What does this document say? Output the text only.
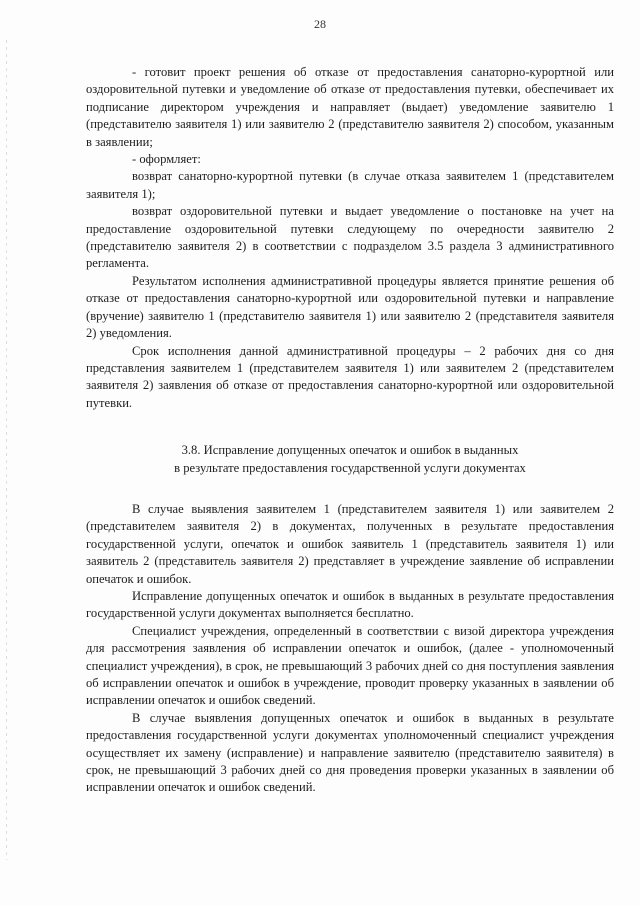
28

- готовит проект решения об отказе от предоставления санаторно-курортной или оздоровительной путевки и уведомление об отказе от предоставления путевки, обеспечивает их подписание директором учреждения и направляет (выдает) уведомление заявителю 1 (представителю заявителя 1) или заявителю 2 (представителю заявителя 2) способом, указанным в заявлении;

- оформляет:

возврат санаторно-курортной путевки (в случае отказа заявителем 1 (представителем заявителя 1);

возврат оздоровительной путевки и выдает уведомление о постановке на учет на предоставление оздоровительной путевки следующему по очередности заявителю 2 (представителю заявителя 2) в соответствии с подразделом 3.5 раздела 3 административного регламента.

Результатом исполнения административной процедуры является принятие решения об отказе от предоставления санаторно-курортной или оздоровительной путевки и направление (вручение) заявителю 1 (представителю заявителя 1) или заявителю 2 (представителя заявителя 2) уведомления.

Срок исполнения данной административной процедуры – 2 рабочих дня со дня представления заявителем 1 (представителем заявителя 1) или заявителем 2 (представителем заявителя 2) заявления об отказе от предоставления санаторно-курортной или оздоровительной путевки.

3.8. Исправление допущенных опечаток и ошибок в выданных
в результате предоставления государственной услуги документах

В случае выявления заявителем 1 (представителем заявителя 1) или заявителем 2 (представителем заявителя 2) в документах, полученных в результате предоставления государственной услуги, опечаток и ошибок заявитель 1 (представитель заявителя 1) или заявитель 2 (представитель заявителя 2) представляет в учреждение заявление об исправлении опечаток и ошибок.

Исправление допущенных опечаток и ошибок в выданных в результате предоставления государственной услуги документах выполняется бесплатно.

Специалист учреждения, определенный в соответствии с визой директора учреждения для рассмотрения заявления об исправлении опечаток и ошибок, (далее - уполномоченный специалист учреждения), в срок, не превышающий 3 рабочих дней со дня поступления заявления об исправлении опечаток и ошибок в учреждение, проводит проверку указанных в заявлении об исправлении опечаток и ошибок сведений.

В случае выявления допущенных опечаток и ошибок в выданных в результате предоставления государственной услуги документах уполномоченный специалист учреждения осуществляет их замену (исправление) и направление заявителю (представителю заявителя) в срок, не превышающий 3 рабочих дней со дня проведения проверки указанных в заявлении об исправлении опечаток и ошибок сведений.
